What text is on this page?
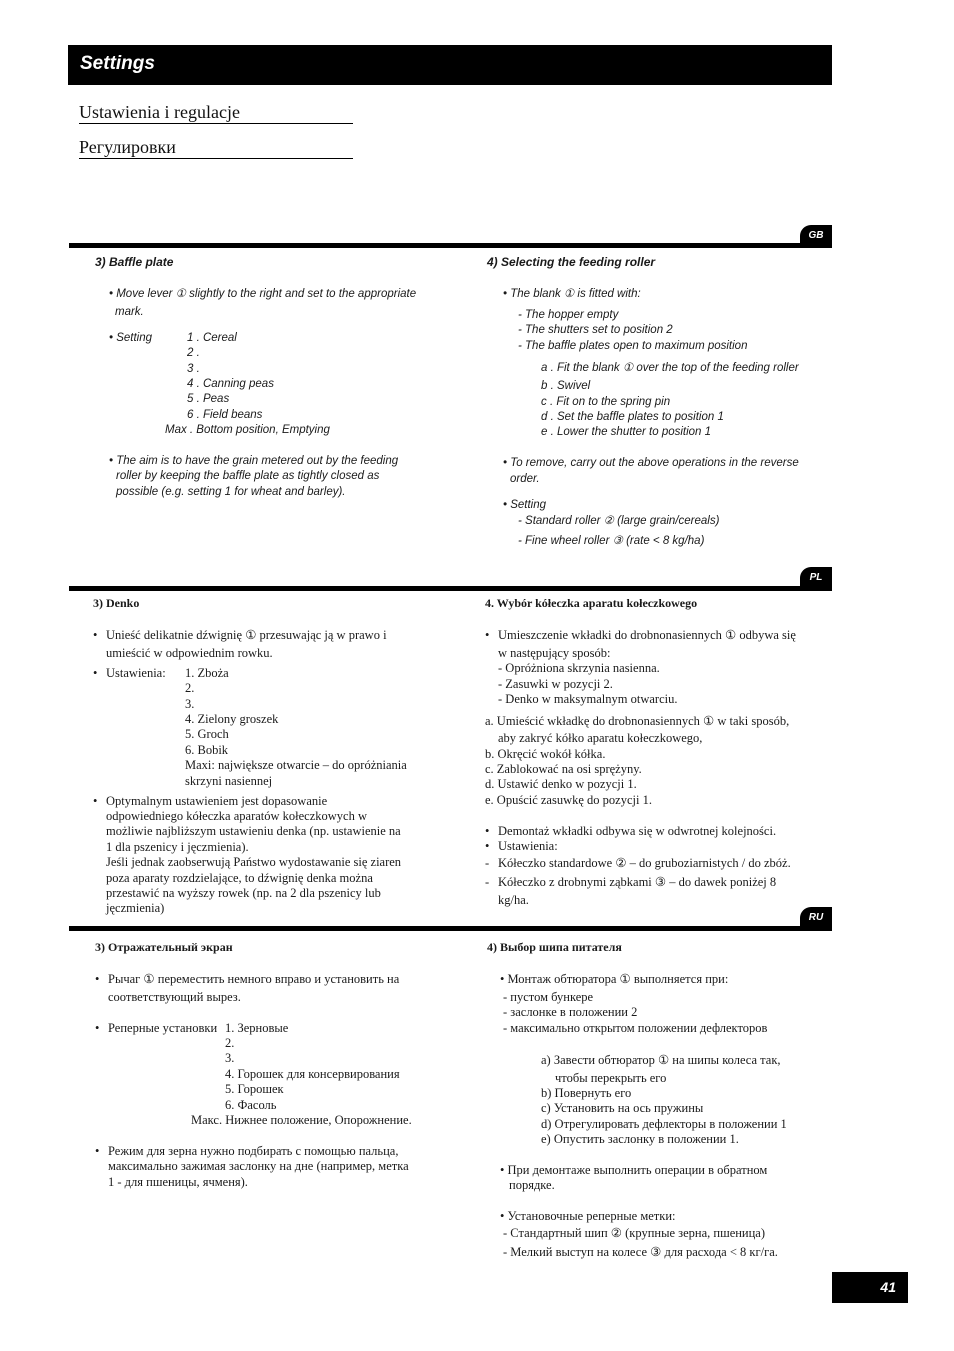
Settings
Ustawienia i regulacje
Регулировки
GB
3) Baffle plate
• Move lever ① slightly to the right and set to the appropriate
mark.
• Setting	1 . Cereal
2 .
3 .
4 . Canning peas
5 . Peas
6 . Field beans
Max . Bottom position, Emptying
• The aim is to have the grain metered out by the feeding
roller by keeping the baffle plate as tightly closed as
possible (e.g. setting 1 for wheat and barley).
4) Selecting the feeding roller
• The blank ① is fitted with:
- The hopper empty
- The shutters set to position 2
- The baffle plates open to maximum position
a . Fit the blank ① over the top of the feeding roller
b . Swivel
c . Fit on to the spring pin
d . Set the baffle plates to position 1
e . Lower the shutter to position 1
• To remove, carry out the above operations in the reverse
order.
• Setting
- Standard roller ② (large grain/cereals)
- Fine wheel roller ③ (rate < 8 kg/ha)
PL
3) Denko
• Unieść delikatnie dźwignię ① przesuwając ją w prawo i
umieścić w odpowiednim rowku.
• Ustawienia: 1. Zboża
2.
3.
4. Zielony groszek
5. Groch
6. Bobik
Maxi: największe otwarcie – do opróżniania
skrzyni nasiennej
• Optymalnym ustawieniem jest dopasowanie
odpowiedniego kółeczka aparatów kołeczkowych w
możliwie najbliższym ustawieniu denka (np. ustawienie na
1 dla pszenicy i jęczmienia).
Jeśli jednak zaobserwują Państwo wydostawanie się ziaren
poza aparaty rozdzielające, to dźwignię denka można
przestawić na wyższy rowek (np. na 2 dla pszenicy lub
jęczmienia)
4. Wybór kółeczka aparatu kołeczkowego
• Umieszczenie wkładki do drobnonasiennych ① odbywa się
w następujący sposób:
- Opróżniona skrzynia nasienna.
- Zasuwki w pozycji 2.
- Denko w maksymalnym otwarciu.
a. Umieścić wkładkę do drobnonasiennych ① w taki sposób,
aby zakryć kółko aparatu kołeczkowego,
b. Okręcić wokół kółka.
c. Zablokować na osi sprężyny.
d. Ustawić denko w pozycji 1.
e. Opuścić zasuwkę do pozycji 1.
• Demontaż wkładki odbywa się w odwrotnej kolejności.
• Ustawienia:
- Kółeczko standardowe ② – do gruboziarnistych / do zbóż.
- Kółeczko z drobnymi ząbkami ③ – do dawek poniżej 8
kg/ha.
RU
3) Отражательный экран
• Рычаг ① переместить немного вправо и установить на
соответствующий вырез.
• Реперные установки 1. Зерновые
2.
3.
4. Горошек для консервирования
5. Горошек
6. Фасоль
Макс. Нижнее положение, Опорожнение.
• Режим для зерна нужно подбирать с помощью пальца,
максимально зажимая заслонку на дне (например, метка
1 - для пшеницы, ячменя).
4) Выбор шипа питателя
• Монтаж обтюратора ① выполняется при:
- пустом бункере
- заслонке в положении 2
- максимально открытом положении дефлекторов
a) Завести обтюратор ① на шипы колеса так,
чтобы перекрыть его
b) Повернуть его
c) Установить на ось пружины
d) Отрегулировать дефлекторы в положении 1
e) Опустить заслонку в положении 1.
• При демонтаже выполнить операции в обратном
порядке.
• Установочные реперные метки:
- Стандартный шип ② (крупные зерна, пшеница)
- Мелкий выступ на колесе ③ для расхода < 8 кг/га.
41
